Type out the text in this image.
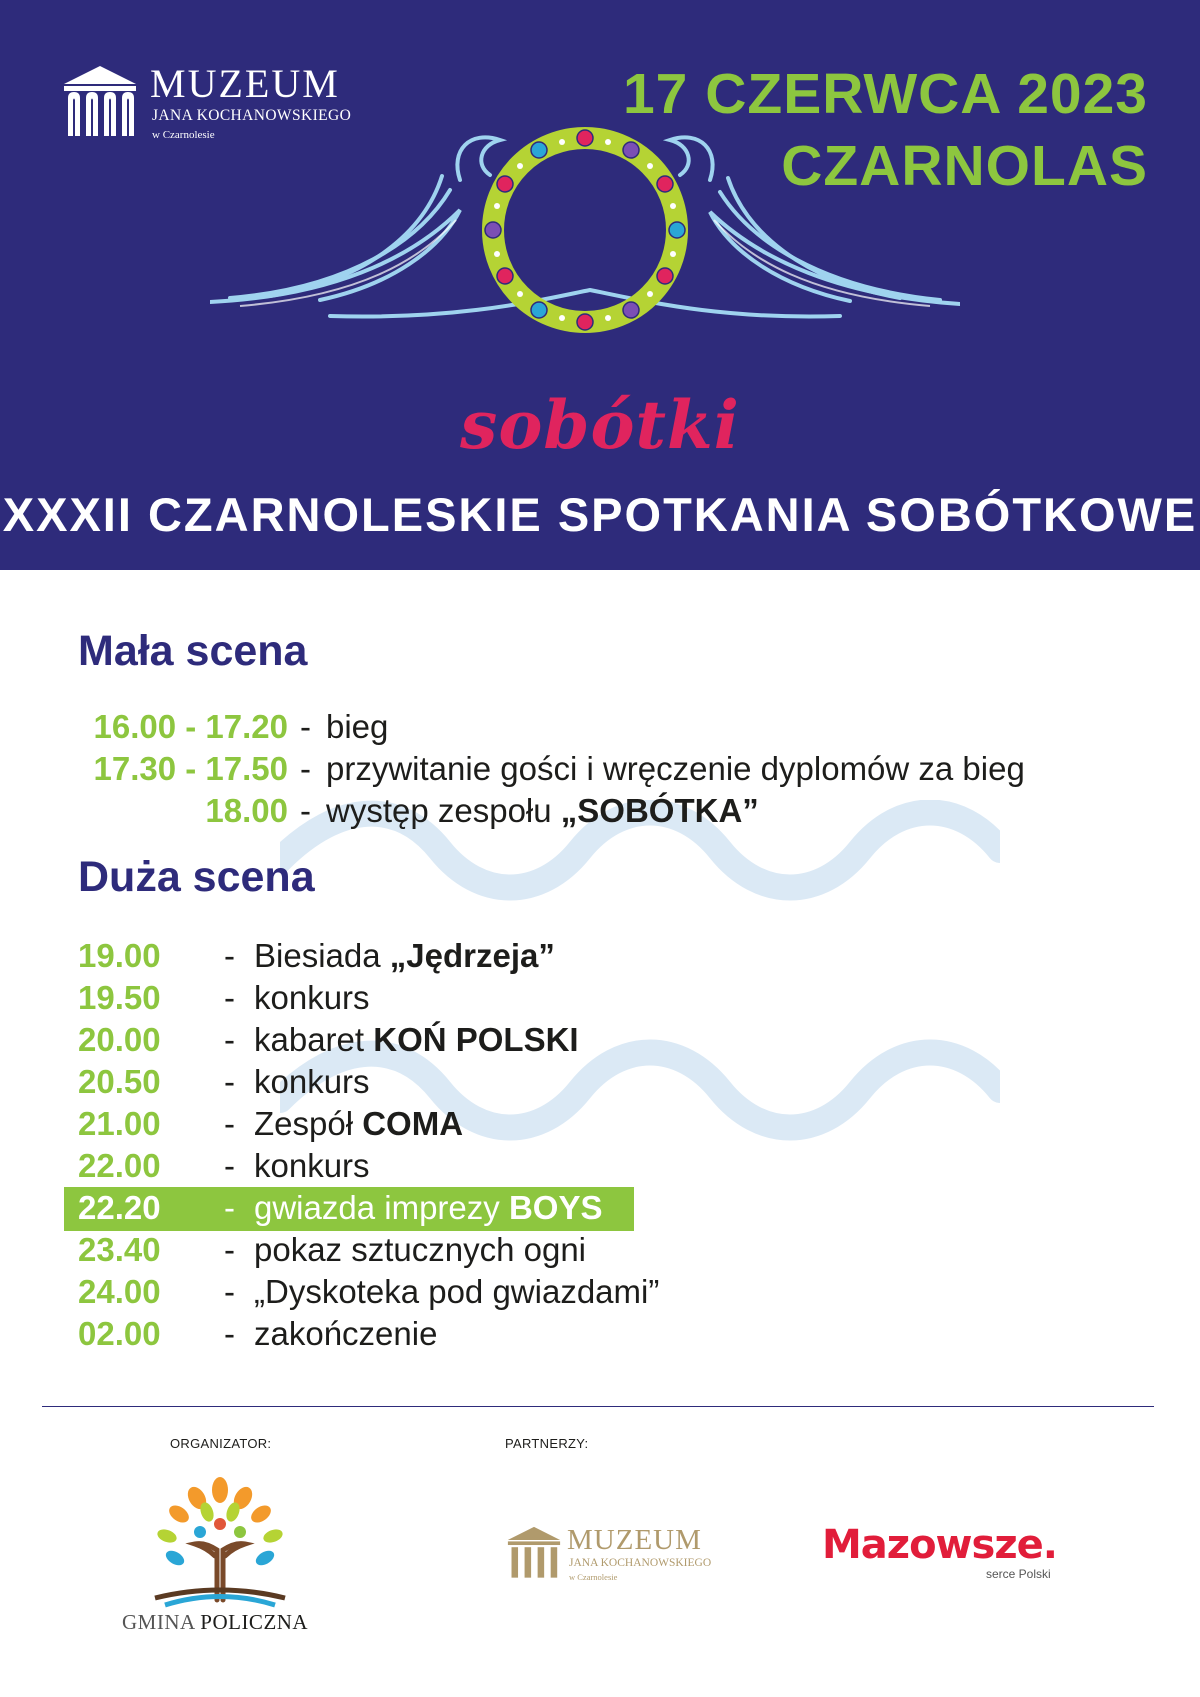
MUZEUM
JANA KOCHANOWSKIEGO
w Czarnolesie
17 CZERWCA 2023
CZARNOLAS
sobótki
XXXII CZARNOLESKIE SPOTKANIA SOBÓTKOWE
Mała scena
16.00 - 17.20 - bieg
17.30 - 17.50 - przywitanie gości i wręczenie dyplomów za bieg
18.00 - występ zespołu „SOBÓTKA”
Duża scena
19.00 - Biesiada „Jędrzeja”
19.50 - konkurs
20.00 - kabaret KOŃ POLSKI
20.50 - konkurs
21.00 - Zespół COMA
22.00 - konkurs
22.20 - gwiazda imprezy BOYS
23.40 - pokaz sztucznych ogni
24.00 - „Dyskoteka pod gwiazdami”
02.00 - zakończenie
ORGANIZATOR:	PARTNERZY:
GMINA POLICZNA
MUZEUM
JANA KOCHANOWSKIEGO
w Czarnolesie
Mazowsze.
serce Polski
